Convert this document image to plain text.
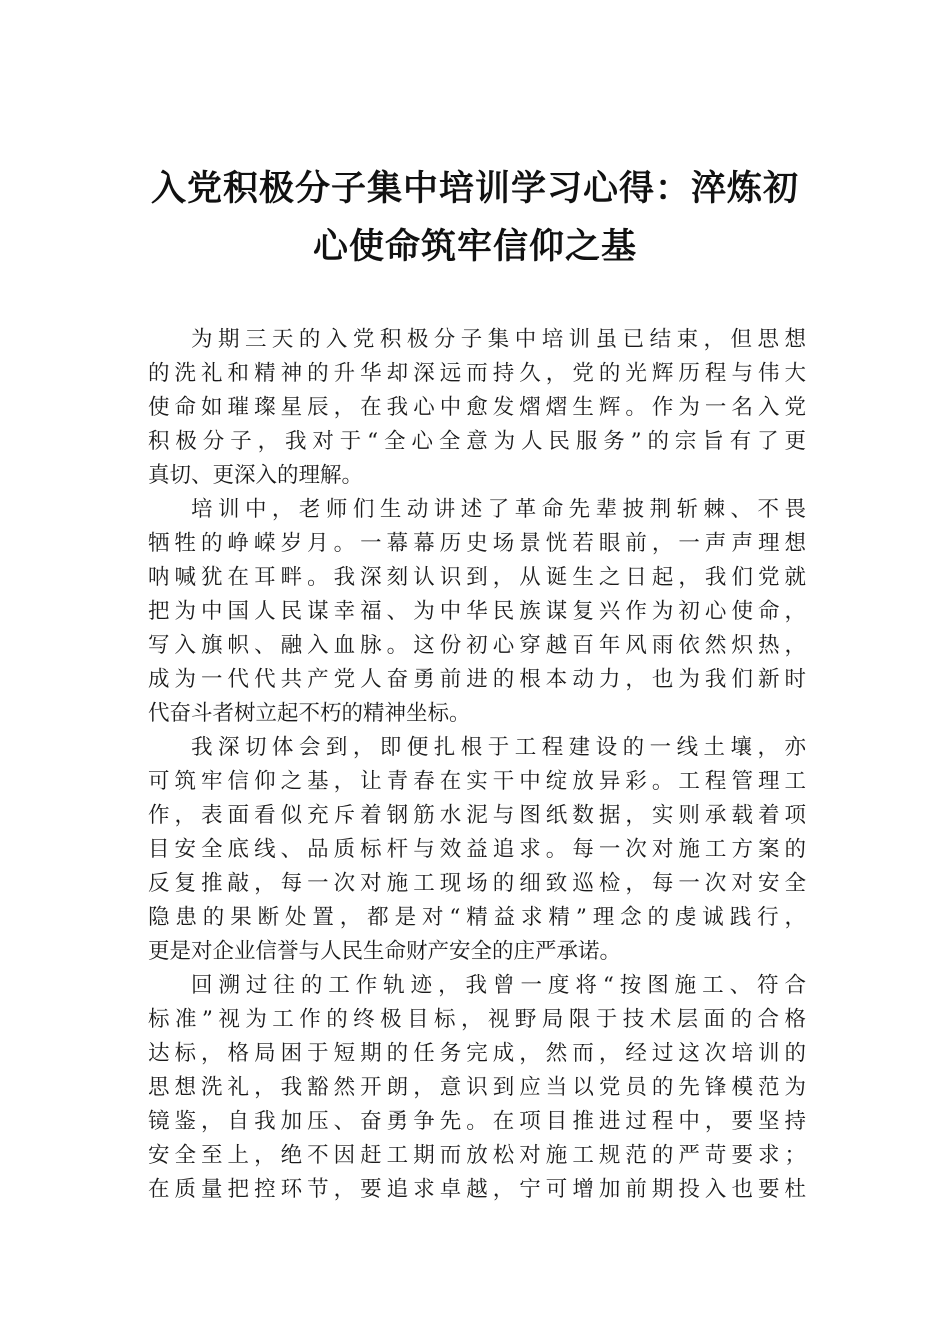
入党积极分子集中培训学习心得：淬炼初
心使命筑牢信仰之基
为期三天的入党积极分子集中培训虽已结束，但思想
的洗礼和精神的升华却深远而持久，党的光辉历程与伟大
使命如璀璨星辰，在我心中愈发熠熠生辉。作为一名入党
积极分子，我对于“全心全意为人民服务”的宗旨有了更
真切、更深入的理解。
培训中，老师们生动讲述了革命先辈披荆斩棘、不畏
牺牲的峥嵘岁月。一幕幕历史场景恍若眼前，一声声理想
呐喊犹在耳畔。我深刻认识到，从诞生之日起，我们党就
把为中国人民谋幸福、为中华民族谋复兴作为初心使命，
写入旗帜、融入血脉。这份初心穿越百年风雨依然炽热，
成为一代代共产党人奋勇前进的根本动力，也为我们新时
代奋斗者树立起不朽的精神坐标。
我深切体会到，即便扎根于工程建设的一线土壤，亦
可筑牢信仰之基，让青春在实干中绽放异彩。工程管理工
作，表面看似充斥着钢筋水泥与图纸数据，实则承载着项
目安全底线、品质标杆与效益追求。每一次对施工方案的
反复推敲，每一次对施工现场的细致巡检，每一次对安全
隐患的果断处置，都是对“精益求精”理念的虔诚践行，
更是对企业信誉与人民生命财产安全的庄严承诺。
回溯过往的工作轨迹，我曾一度将“按图施工、符合
标准”视为工作的终极目标，视野局限于技术层面的合格
达标，格局困于短期的任务完成，然而，经过这次培训的
思想洗礼，我豁然开朗，意识到应当以党员的先锋模范为
镜鉴，自我加压、奋勇争先。在项目推进过程中，要坚持
安全至上，绝不因赶工期而放松对施工规范的严苛要求；
在质量把控环节，要追求卓越，宁可增加前期投入也要杜
